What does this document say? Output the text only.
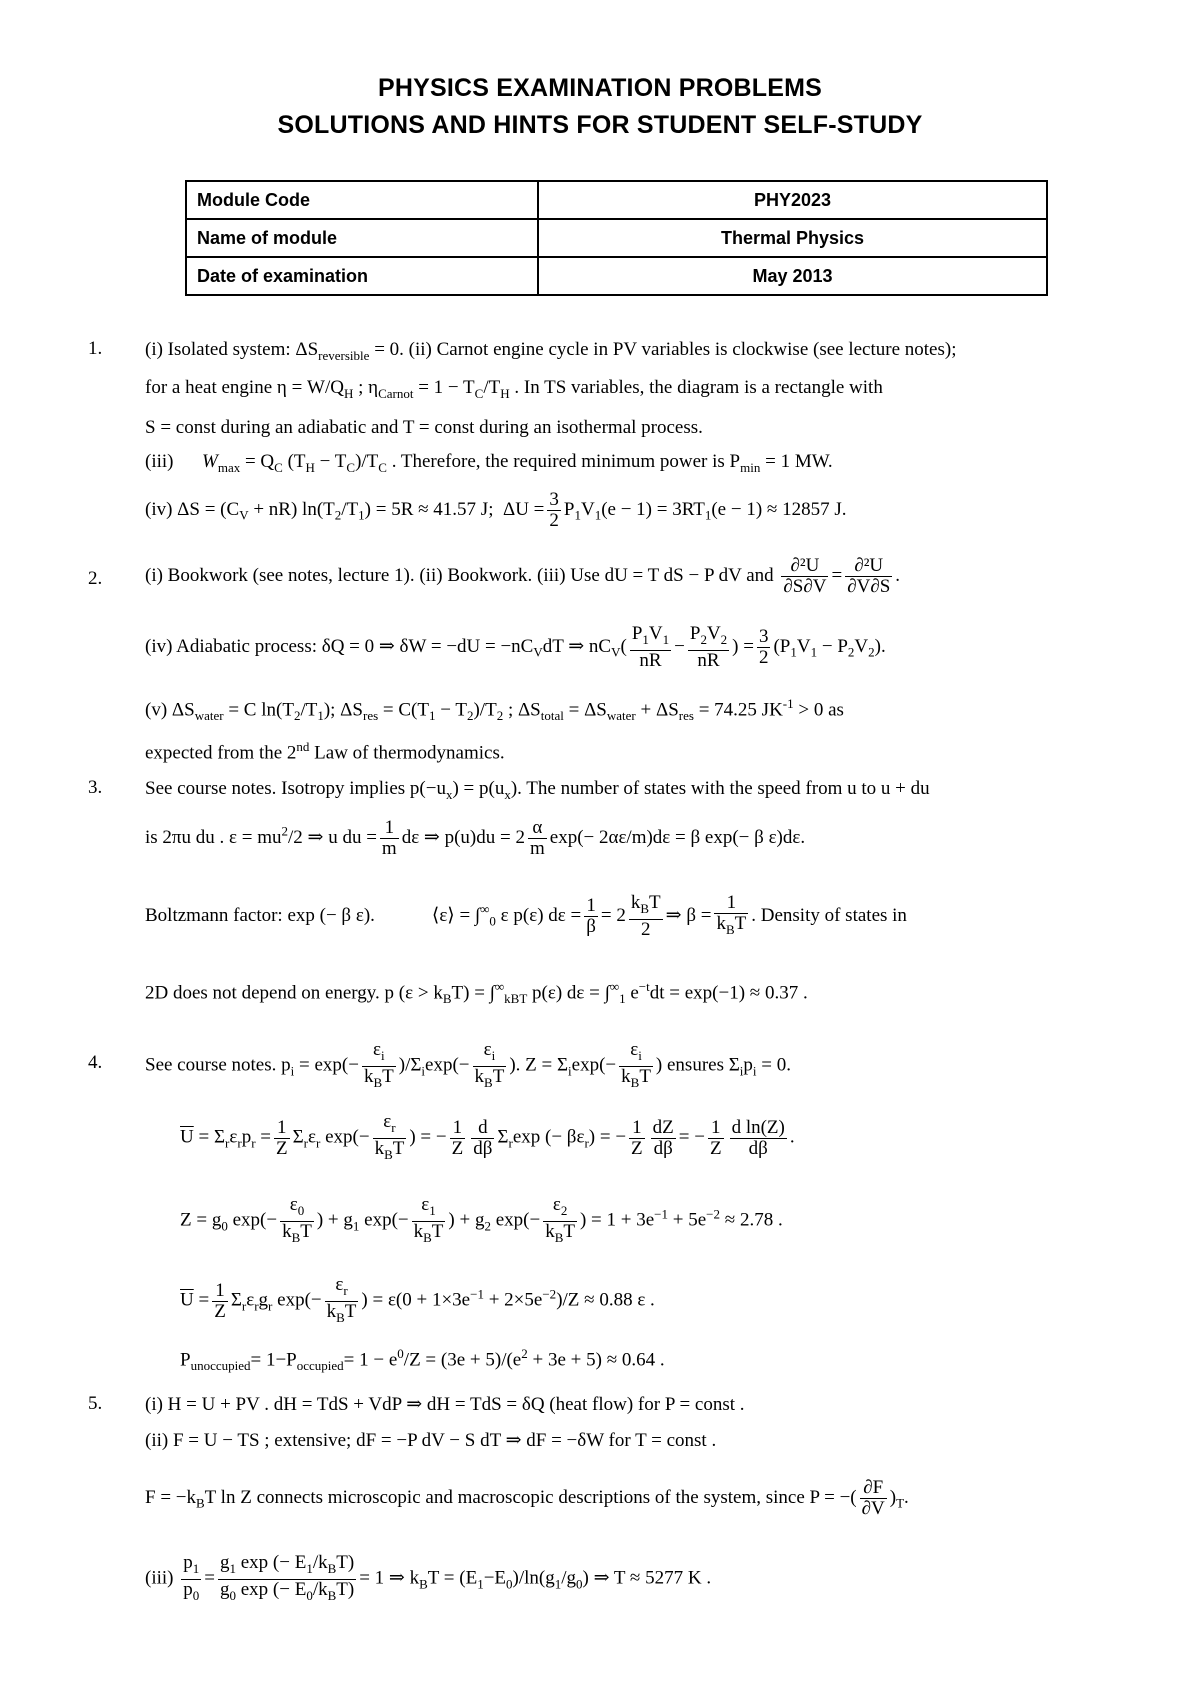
PHYSICS EXAMINATION PROBLEMS
SOLUTIONS AND HINTS FOR STUDENT SELF-STUDY
Module Code	PHY2023
Name of module	Thermal Physics
Date of examination	May 2013
1. (i) Isolated system: $\Delta S_{reversible} = 0$. (ii) Carnot engine cycle in PV variables is clockwise (see lecture notes);
for a heat engine $\eta = W/Q_H$ ; $\eta_{Carnot} = 1 - T_C/T_H$ . In TS variables, the diagram is a rectangle with
S = const during an adiabatic and T = const during an isothermal process.
(iii) $W_{max} = Q_C$ $(T_H - T_C)/T_C$ . Therefore, the required minimum power is $P_{min} = 1$ MW.
(iv) $\Delta S = (C_V + nR) \ln(T_2/T_1) = 5R \approx 41.57$ J; $\Delta U = \frac{3}{2} P_1V_1(e - 1) = 3RT_1(e - 1) \approx 12857$ J.
2. (i) Bookwork (see notes, lecture 1). (ii) Bookwork. (iii) Use dU = T dS − P dV and $\frac{\text{∂²U}}{\partial S\partial V} = \frac{\text{∂²U}}{\partial V\partial S}$ .
(iv) Adiabatic process: δQ = 0 ⇒ $\delta W = -dU = -nC_VdT$ ⇒ $nC_V( \frac{P_1V_1}{nR} - \frac{P_2V_2}{nR}$ ) = $\frac{3}{2} (P_1V_1 - P_2V_2)$.
(v) $\Delta S_{water} = C$ $\ln(T_2/T_1)$; $\Delta S_{res} = C(T_1 - T_2)/T_2$ ; $\Delta S_{total} = \Delta S_{water} + \Delta S_{res} = 74.25$ $JK^{-1} > 0$ as
expected from the 2nd Law of thermodynamics.
3. See course notes. Isotropy implies $p(-u_x) = p(u_x)$. The number of states with the speed from u to u + du
is 2πu du . $\varepsilon = mu^2/2$ ⇒ u du = $\frac{1}{m}$ dε ⇒ $p(u)du = 2 \frac{\alpha}{m} \exp(- 2\alpha\varepsilon/m)d\varepsilon = \beta$ exp(− β ε)dε.
Boltzmann factor: exp (− β ε).	⟨ε⟩ = $\int^\infty_0$ ε p(ε) $d\varepsilon = \frac{1}{\beta} = 2$
$k_BT$
2
⇒ β =
1
$k_BT$ . Density of states in
2D does not depend on energy. p $(\varepsilon > k_BT) = \int^\infty_{kBT}$ p(ε) $d\varepsilon = \int^\infty_1$ $e^{-t}dt = \exp(-1) \approx 0.37$ .
4. See course notes. $p_i = \exp(-$
$\varepsilon_i$
$k_BT$
)$/\Sigma_i\exp(-$
$\varepsilon_i$
$k_BT$
). $Z = \Sigma_i\exp(-$
$\varepsilon_i$
$k_BT$
) ensures $\Sigma_ip_i = 0$.
$\overline{U} = \Sigma_r\varepsilon_rp_r = \frac{1}{Z} \Sigma_r\varepsilon_r$ exp(−
$\varepsilon_r$
$k_BT$
) = − $\frac{1}{Z} \frac{d}{d\beta} \Sigma_r\exp$ (− $\beta\varepsilon_r$) = − $\frac{1}{Z} \frac{dZ}{d\beta}$ = − $\frac{1}{Z} \frac{\text{d ln(Z)}}{d\beta}$ .
$Z = g_0$ exp(−
$\varepsilon_0$
$k_BT$
) + $g_1$ exp(−
$\varepsilon_1$
$k_BT$
) + $g_2$ exp(−
$\varepsilon_2$
$k_BT$
) = $1 + 3e^{-1} + 5e^{-2} \approx 2.78$ .
$\overline{U} = \frac{1}{Z} \Sigma_r\varepsilon_rg_r$ exp(−
$\varepsilon_r$
$k_BT$
) = $\varepsilon(0 + 1\times 3e^{-1} + 2\times 5e^{-2})/Z \approx 0.88$ ε .
$P_{unoccupied}= 1-P_{occupied}= 1 - e^0/Z = (3e + 5)/(e^2 + 3e + 5) \approx 0.64$ .
5. (i) H = U + PV . dH = TdS + VdP ⇒ dH = TdS = δQ (heat flow) for P = const .
(ii) F = U − TS ; extensive; dF = −P dV − S dT ⇒ dF = −δW for T = const .
$F = -k_BT$ ln Z connects microscopic and macroscopic descriptions of the system, since P = −( $\frac{\partial F}{\partial V} )_T$.
$(iii) \frac{p_1}{p_0}$ =
$g_1$ exp (− $E_1/k_BT$)
$g_0$ exp (− $E_0/k_BT$)
= 1 ⇒ $k_BT = (E_1-E_0)/\ln(g_1/g_0)$ ⇒ T ≈ 5277 K .
